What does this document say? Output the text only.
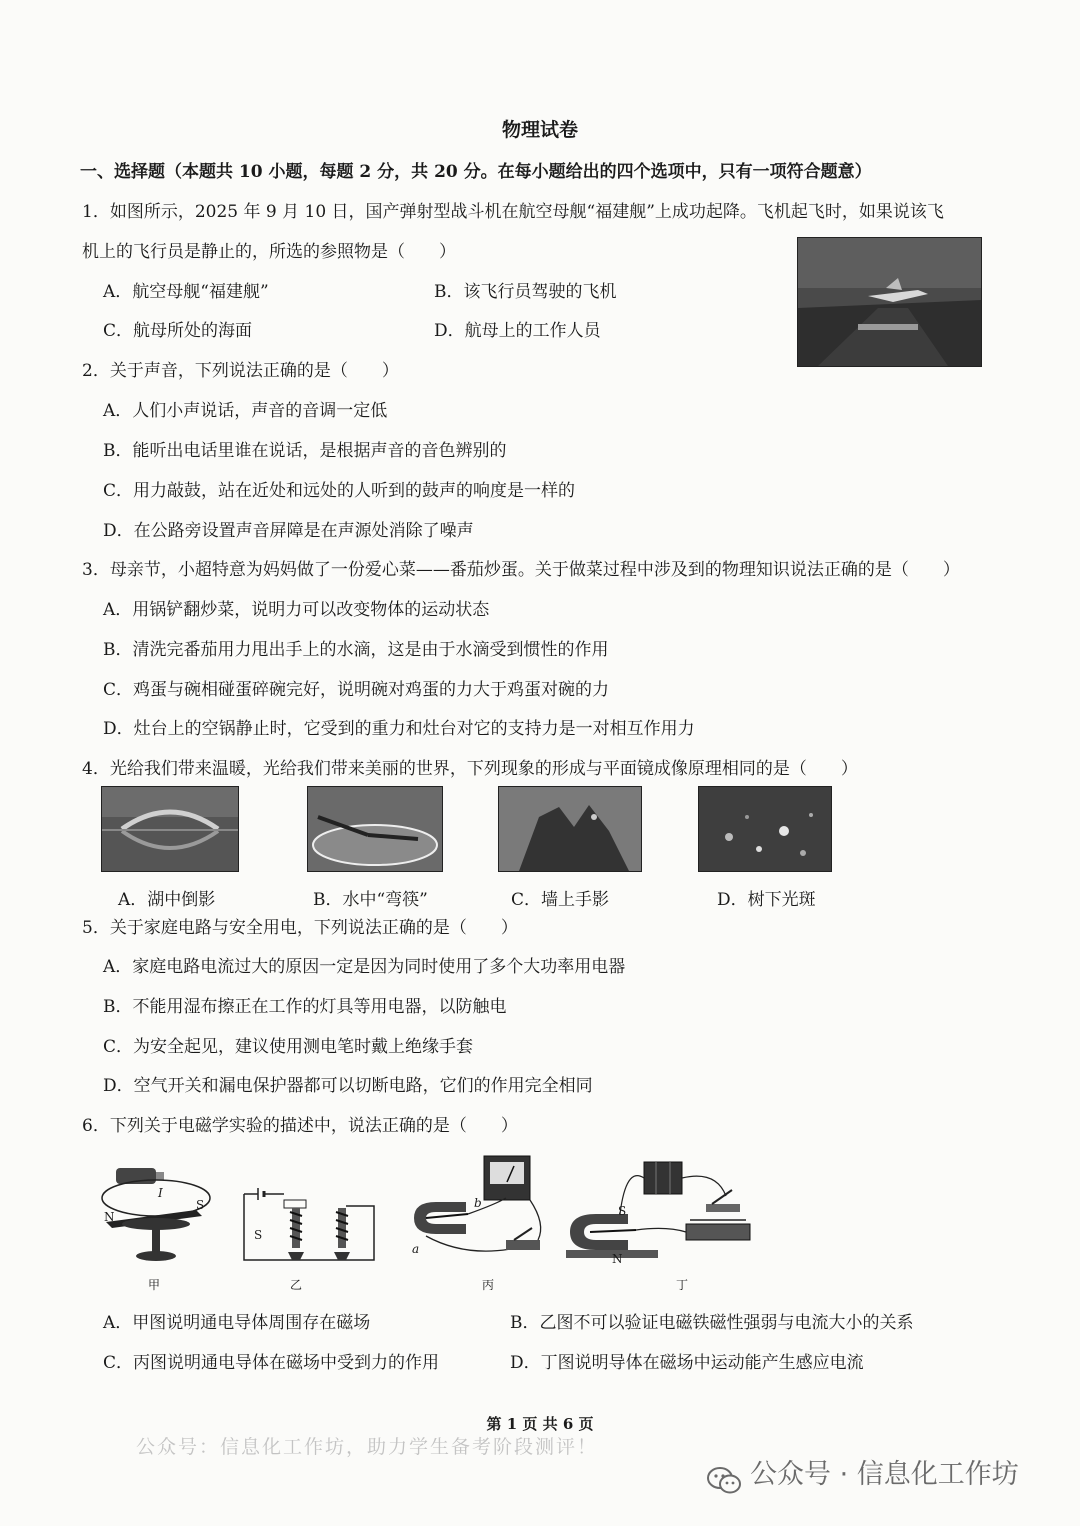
物理试卷
一、选择题（本题共 10 小题，每题 2 分，共 20 分。在每小题给出的四个选项中，只有一项符合题意）
1．如图所示，2025 年 9 月 10 日，国产弹射型战斗机在航空母舰“福建舰”上成功起降。飞机起飞时，如果说该飞
机上的飞行员是静止的，所选的参照物是（　　）
A．航空母舰“福建舰”	B．该飞行员驾驶的飞机
C．航母所处的海面	D．航母上的工作人员
2．关于声音，下列说法正确的是（　　）
A．人们小声说话，声音的音调一定低
B．能听出电话里谁在说话，是根据声音的音色辨别的
C．用力敲鼓，站在近处和远处的人听到的鼓声的响度是一样的
D．在公路旁设置声音屏障是在声源处消除了噪声
3．母亲节，小超特意为妈妈做了一份爱心菜——番茄炒蛋。关于做菜过程中涉及到的物理知识说法正确的是（　　）
A．用锅铲翻炒菜，说明力可以改变物体的运动状态
B．清洗完番茄用力甩出手上的水滴，这是由于水滴受到惯性的作用
C．鸡蛋与碗相碰蛋碎碗完好，说明碗对鸡蛋的力大于鸡蛋对碗的力
D．灶台上的空锅静止时，它受到的重力和灶台对它的支持力是一对相互作用力
4．光给我们带来温暖，光给我们带来美丽的世界，下列现象的形成与平面镜成像原理相同的是（　　）
A．湖中倒影	B．水中“弯筷”	C．墙上手影	D．树下光斑
5．关于家庭电路与安全用电，下列说法正确的是（　　）
A．家庭电路电流过大的原因一定是因为同时使用了多个大功率用电器
B．不能用湿布擦正在工作的灯具等用电器，以防触电
C．为安全起见，建议使用测电笔时戴上绝缘手套
D．空气开关和漏电保护器都可以切断电路，它们的作用完全相同
6．下列关于电磁学实验的描述中，说法正确的是（　　）
N
S
I
甲
S
乙
a
b
丙
S
N
丁
A．甲图说明通电导体周围存在磁场	B．乙图不可以验证电磁铁磁性强弱与电流大小的关系
C．丙图说明通电导体在磁场中受到力的作用	D．丁图说明导体在磁场中运动能产生感应电流
第 1 页 共 6 页
公众号：信息化工作坊，助力学生备考阶段测评！
公众号 · 信息化工作坊
